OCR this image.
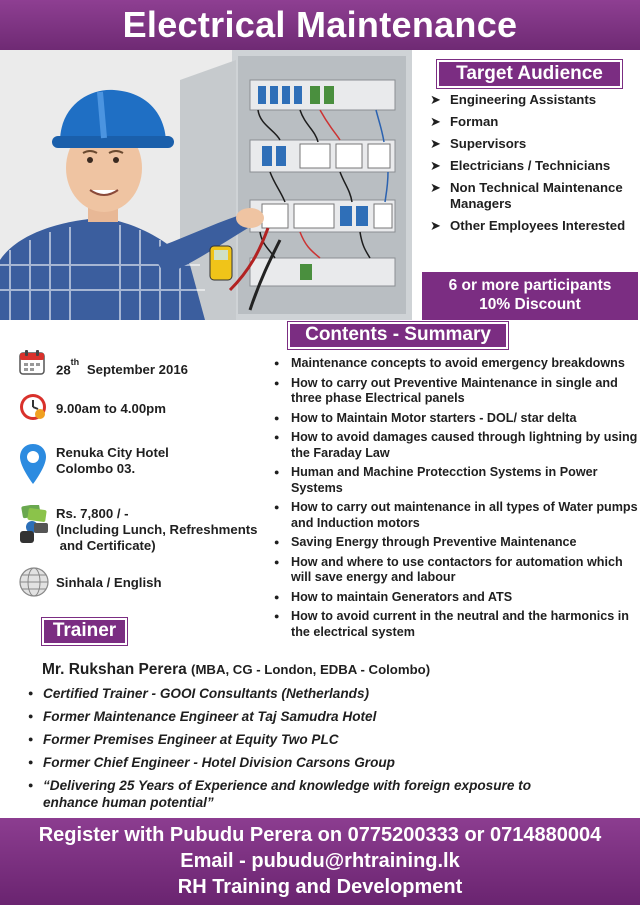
Electrical Maintenance
Target Audience
➤ Engineering Assistants
➤ Forman
➤ Supervisors
➤ Electricians / Technicians
➤ Non Technical Maintenance Managers
➤ Other Employees Interested
6 or more participants
10% Discount
Contents - Summary
● Maintenance concepts to avoid emergency breakdowns
● How to carry out Preventive Maintenance in single and three phase Electrical panels
● How to Maintain Motor starters - DOL/ star delta
● How to avoid damages caused through lightning by using the Faraday Law
● Human and Machine Protecction Systems in Power Systems
● How to carry out maintenance in all types of Water pumps and Induction motors
● Saving Energy through Preventive Maintenance
● How and where to use contactors for automation which will save energy and labour
● How to maintain Generators and ATS
● How to avoid current in the neutral and the harmonics in the electrical system
28th September 2016
9.00am to 4.00pm
Renuka City Hotel
Colombo 03.
Rs. 7,800 / -
(Including Lunch, Refreshments
and Certificate)
Sinhala / English
Trainer
Mr. Rukshan Perera (MBA, CG - London, EDBA - Colombo)
● Certified Trainer - GOOI Consultants (Netherlands)
● Former Maintenance Engineer at Taj Samudra Hotel
● Former Premises Engineer at Equity Two PLC
● Former Chief Engineer - Hotel Division Carsons Group
● “Delivering 25 Years of Experience and knowledge with foreign exposure to enhance human potential”
Register with Pubudu Perera on 0775200333 or 0714880004
Email - pubudu@rhtraining.lk
RH Training and Development
